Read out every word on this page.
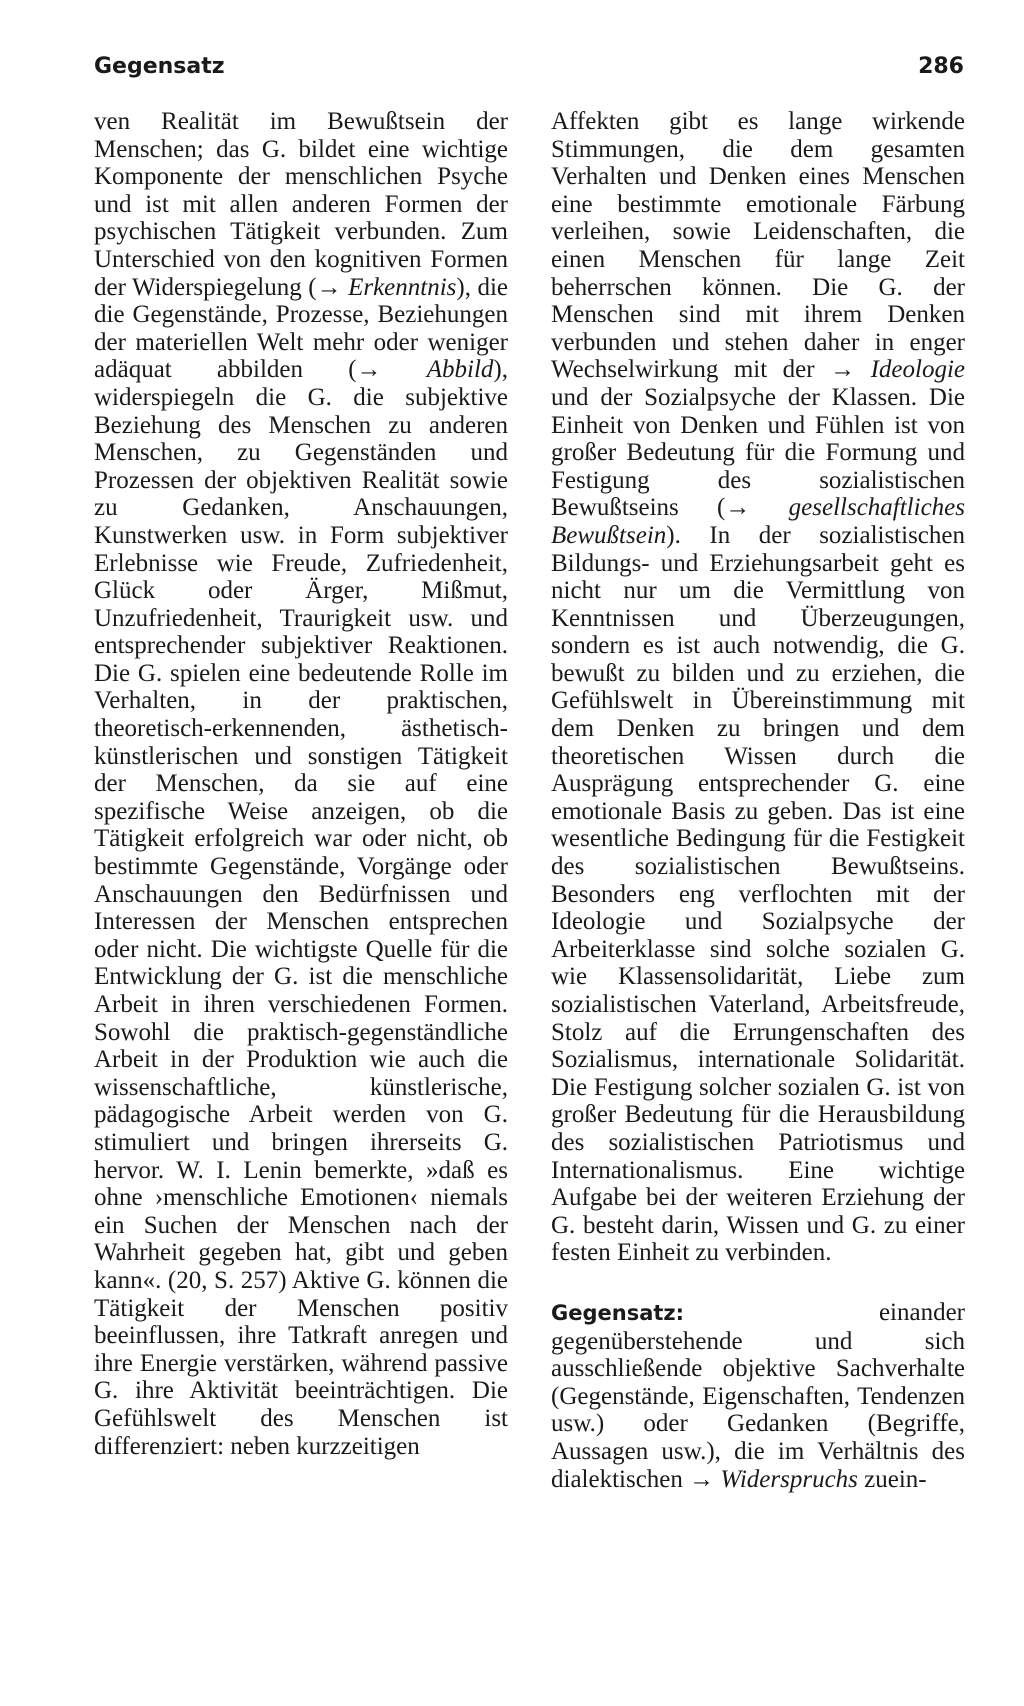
Gegensatz	286

ven Realität im Bewußtsein der Menschen; das G. bildet eine wichtige Komponente der menschlichen Psyche und ist mit allen anderen Formen der psychischen Tätigkeit verbunden. Zum Unterschied von den kognitiven Formen der Widerspiegelung (→ Erkenntnis), die die Gegenstände, Prozesse, Beziehungen der materiellen Welt mehr oder weniger adäquat abbilden (→ Abbild), widerspiegeln die G. die subjektive Beziehung des Menschen zu anderen Menschen, zu Gegenständen und Prozessen der objektiven Realität sowie zu Gedanken, Anschauungen, Kunstwerken usw. in Form subjektiver Erlebnisse wie Freude, Zufriedenheit, Glück oder Ärger, Mißmut, Unzufriedenheit, Traurigkeit usw. und entsprechender subjektiver Reaktionen. Die G. spielen eine bedeutende Rolle im Verhalten, in der praktischen, theoretisch-erkennenden, ästhetisch-künstlerischen und sonstigen Tätigkeit der Menschen, da sie auf eine spezifische Weise anzeigen, ob die Tätigkeit erfolgreich war oder nicht, ob bestimmte Gegenstände, Vorgänge oder Anschauungen den Bedürfnissen und Interessen der Menschen entsprechen oder nicht. Die wichtigste Quelle für die Entwicklung der G. ist die menschliche Arbeit in ihren verschiedenen Formen. Sowohl die praktisch-gegenständliche Arbeit in der Produktion wie auch die wissenschaftliche, künstlerische, pädagogische Arbeit werden von G. stimuliert und bringen ihrerseits G. hervor. W. I. Lenin bemerkte, »daß es ohne ›menschliche Emotionen‹ niemals ein Suchen der Menschen nach der Wahrheit gegeben hat, gibt und geben kann«. (20, S. 257) Aktive G. können die Tätigkeit der Menschen positiv beeinflussen, ihre Tatkraft anregen und ihre Energie verstärken, während passive G. ihre Aktivität beeinträchtigen. Die Gefühlswelt des Menschen ist differenziert: neben kurzzeitigen

Affekten gibt es lange wirkende Stimmungen, die dem gesamten Verhalten und Denken eines Menschen eine bestimmte emotionale Färbung verleihen, sowie Leidenschaften, die einen Menschen für lange Zeit beherrschen können. Die G. der Menschen sind mit ihrem Denken verbunden und stehen daher in enger Wechselwirkung mit der → Ideologie und der Sozialpsyche der Klassen. Die Einheit von Denken und Fühlen ist von großer Bedeutung für die Formung und Festigung des sozialistischen Bewußtseins (→ gesellschaftliches Bewußtsein). In der sozialistischen Bildungs- und Erziehungsarbeit geht es nicht nur um die Vermittlung von Kenntnissen und Überzeugungen, sondern es ist auch notwendig, die G. bewußt zu bilden und zu erziehen, die Gefühlswelt in Übereinstimmung mit dem Denken zu bringen und dem theoretischen Wissen durch die Ausprägung entsprechender G. eine emotionale Basis zu geben. Das ist eine wesentliche Bedingung für die Festigkeit des sozialistischen Bewußtseins. Besonders eng verflochten mit der Ideologie und Sozialpsyche der Arbeiterklasse sind solche sozialen G. wie Klassensolidarität, Liebe zum sozialistischen Vaterland, Arbeitsfreude, Stolz auf die Errungenschaften des Sozialismus, internationale Solidarität. Die Festigung solcher sozialen G. ist von großer Bedeutung für die Herausbildung des sozialistischen Patriotismus und Internationalismus. Eine wichtige Aufgabe bei der weiteren Erziehung der G. besteht darin, Wissen und G. zu einer festen Einheit zu verbinden.

Gegensatz: einander gegenüberstehende und sich ausschließende objektive Sachverhalte (Gegenstände, Eigenschaften, Tendenzen usw.) oder Gedanken (Begriffe, Aussagen usw.), die im Verhältnis des dialektischen → Widerspruchs zuein-
